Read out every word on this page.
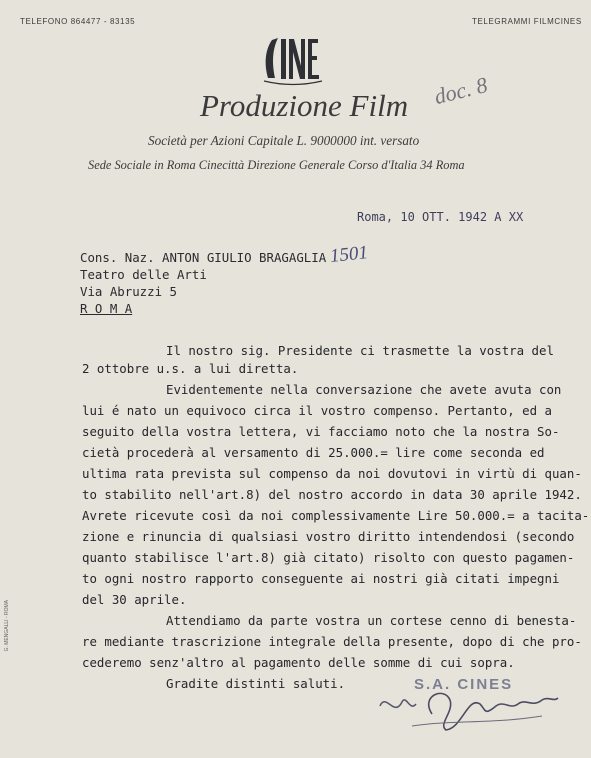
TELEFONO 864477 - 83135	TELEGRAMMI FILMCINES
Produzione Film
Società per Azioni Capitale L. 9000000 int. versato
Sede Sociale in Roma Cinecittà Direzione Generale Corso d'Italia 34 Roma
doc. 8
Roma, 10 OTT. 1942 A XX
1501
Cons. Naz. ANTON GIULIO BRAGAGLIA
Teatro delle Arti
Via Abruzzi 5
R O M A
Il nostro sig. Presidente ci trasmette la vostra del
2 ottobre u.s. a lui diretta.
Evidentemente nella conversazione che avete avuta con
lui é nato un equivoco circa il vostro compenso. Pertanto, ed a
seguito della vostra lettera, vi facciamo noto che la nostra So-
cietà procederà al versamento di 25.000.= lire come seconda ed
ultima rata prevista sul compenso da noi dovutovi in virtù di quan-
to stabilito nell'art.8) del nostro accordo in data 30 aprile 1942.
Avrete ricevute così da noi complessivamente Lire 50.000.= a tacita-
zione e rinuncia di qualsiasi vostro diritto intendendosi (secondo
quanto stabilisce l'art.8) già citato) risolto con questo pagamen-
to ogni nostro rapporto conseguente ai nostri già citati impegni
del 30 aprile.
Attendiamo da parte vostra un cortese cenno di benesta-
re mediante trascrizione integrale della presente, dopo di che pro-
cederemo senz'altro al pagamento delle somme di cui sopra.
Gradite distinti saluti.	S.A. CINES
G. MENGALLI - ROMA
